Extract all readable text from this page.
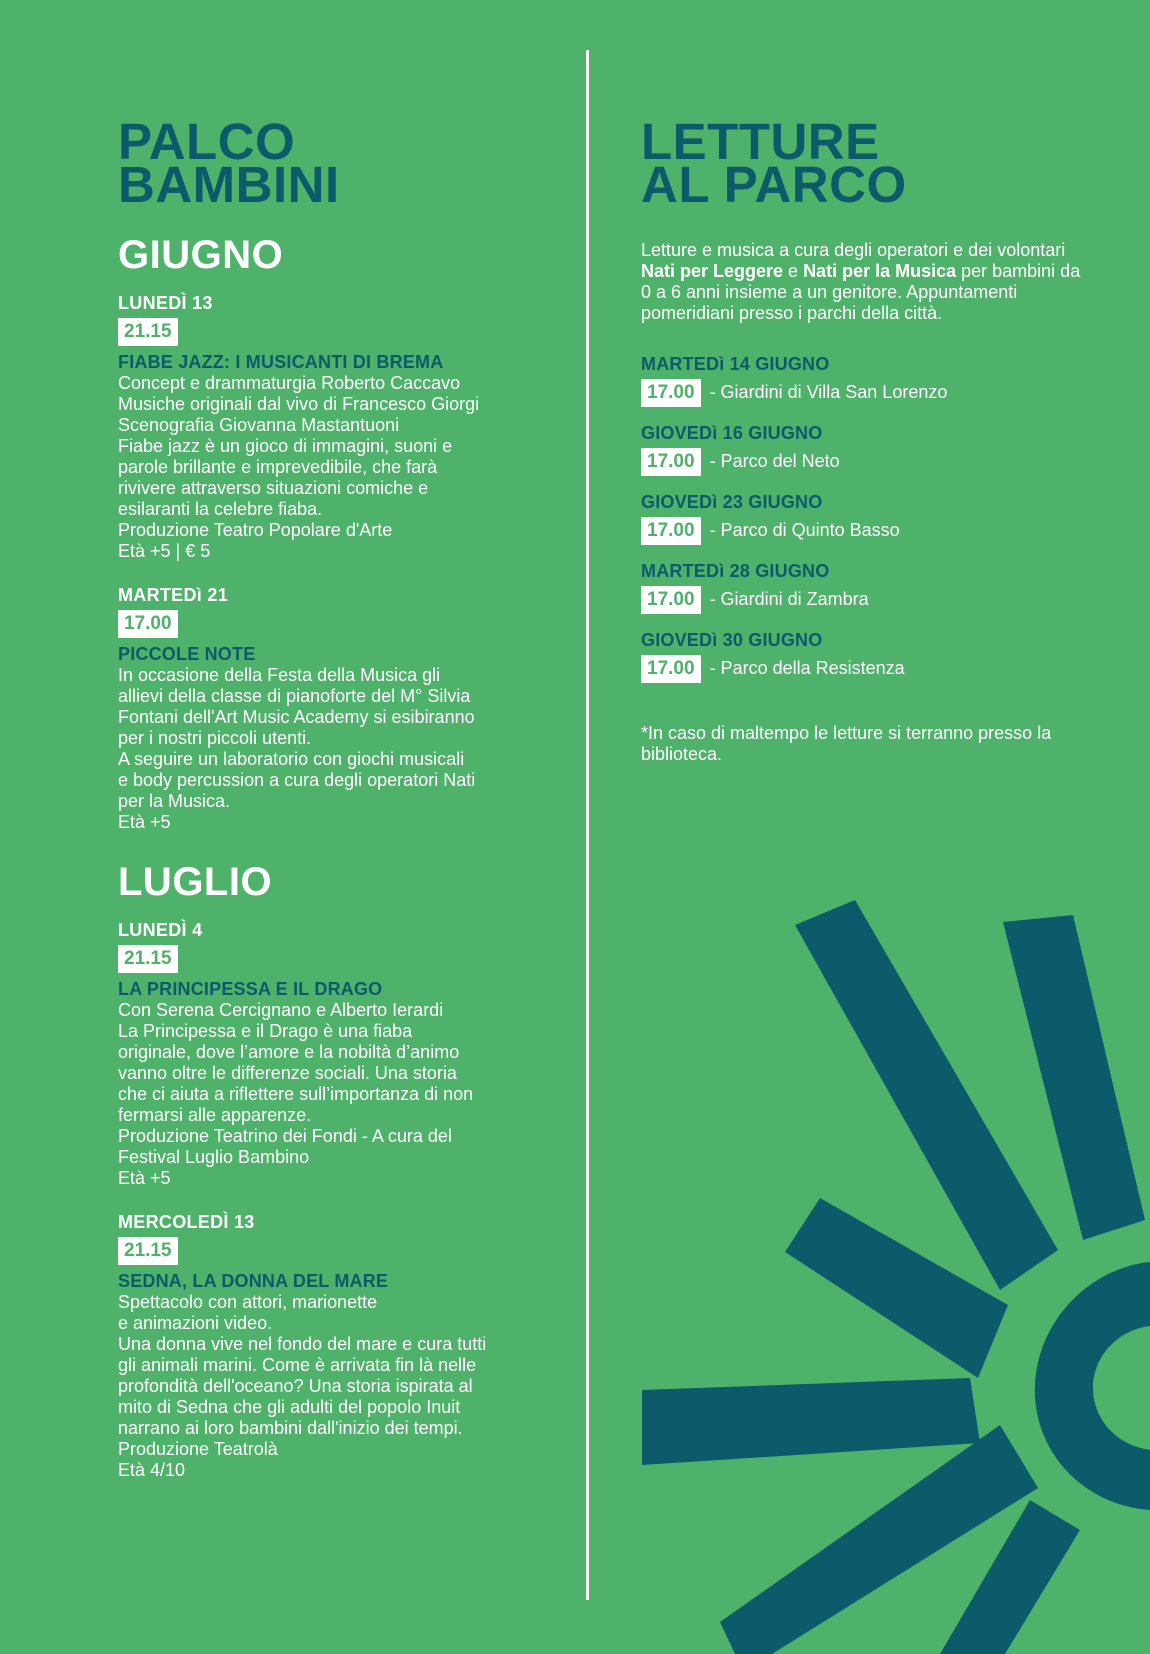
PALCO
BAMBINI
GIUGNO
LUNEDÌ 13
21.15
FIABE JAZZ: I MUSICANTI DI BREMA
Concept e drammaturgia Roberto Caccavo
Musiche originali dal vivo di Francesco Giorgi
Scenografia Giovanna Mastantuoni
Fiabe jazz è un gioco di immagini, suoni e
parole brillante e imprevedibile, che farà
rivivere attraverso situazioni comiche e
esilaranti la celebre fiaba.
Produzione Teatro Popolare d'Arte
Età +5 | € 5
MARTEDì 21
17.00
PICCOLE NOTE
In occasione della Festa della Musica gli
allievi della classe di pianoforte del M° Silvia
Fontani dell'Art Music Academy si esibiranno
per i nostri piccoli utenti.
A seguire un laboratorio con giochi musicali
e body percussion a cura degli operatori Nati
per la Musica.
Età +5
LUGLIO
LUNEDÌ 4
21.15
LA PRINCIPESSA E IL DRAGO
Con Serena Cercignano e Alberto Ierardi
La Principessa e il Drago è una fiaba
originale, dove l’amore e la nobiltà d’animo
vanno oltre le differenze sociali. Una storia
che ci aiuta a riflettere sull’importanza di non
fermarsi alle apparenze.
Produzione Teatrino dei Fondi - A cura del
Festival Luglio Bambino
Età +5
MERCOLEDÌ 13
21.15
SEDNA, LA DONNA DEL MARE
Spettacolo con attori, marionette
e animazioni video.
Una donna vive nel fondo del mare e cura tutti
gli animali marini. Come è arrivata fin là nelle
profondità dell'oceano? Una storia ispirata al
mito di Sedna che gli adulti del popolo Inuit
narrano ai loro bambini dall'inizio dei tempi.
Produzione Teatrolà
Età 4/10
LETTURE
AL PARCO

Letture e musica a cura degli operatori e dei volontari Nati per Leggere e Nati per la Musica per bambini da 0 a 6 anni insieme a un genitore. Appuntamenti pomeridiani presso i parchi della città.

MARTEDì 14 GIUGNO
17.00 - Giardini di Villa San Lorenzo
GIOVEDì 16 GIUGNO
17.00 - Parco del Neto
GIOVEDì 23 GIUGNO
17.00 - Parco di Quinto Basso
MARTEDì 28 GIUGNO
17.00 - Giardini di Zambra
GIOVEDì 30 GIUGNO
17.00 - Parco della Resistenza
*In caso di maltempo le letture si terranno presso la biblioteca.
